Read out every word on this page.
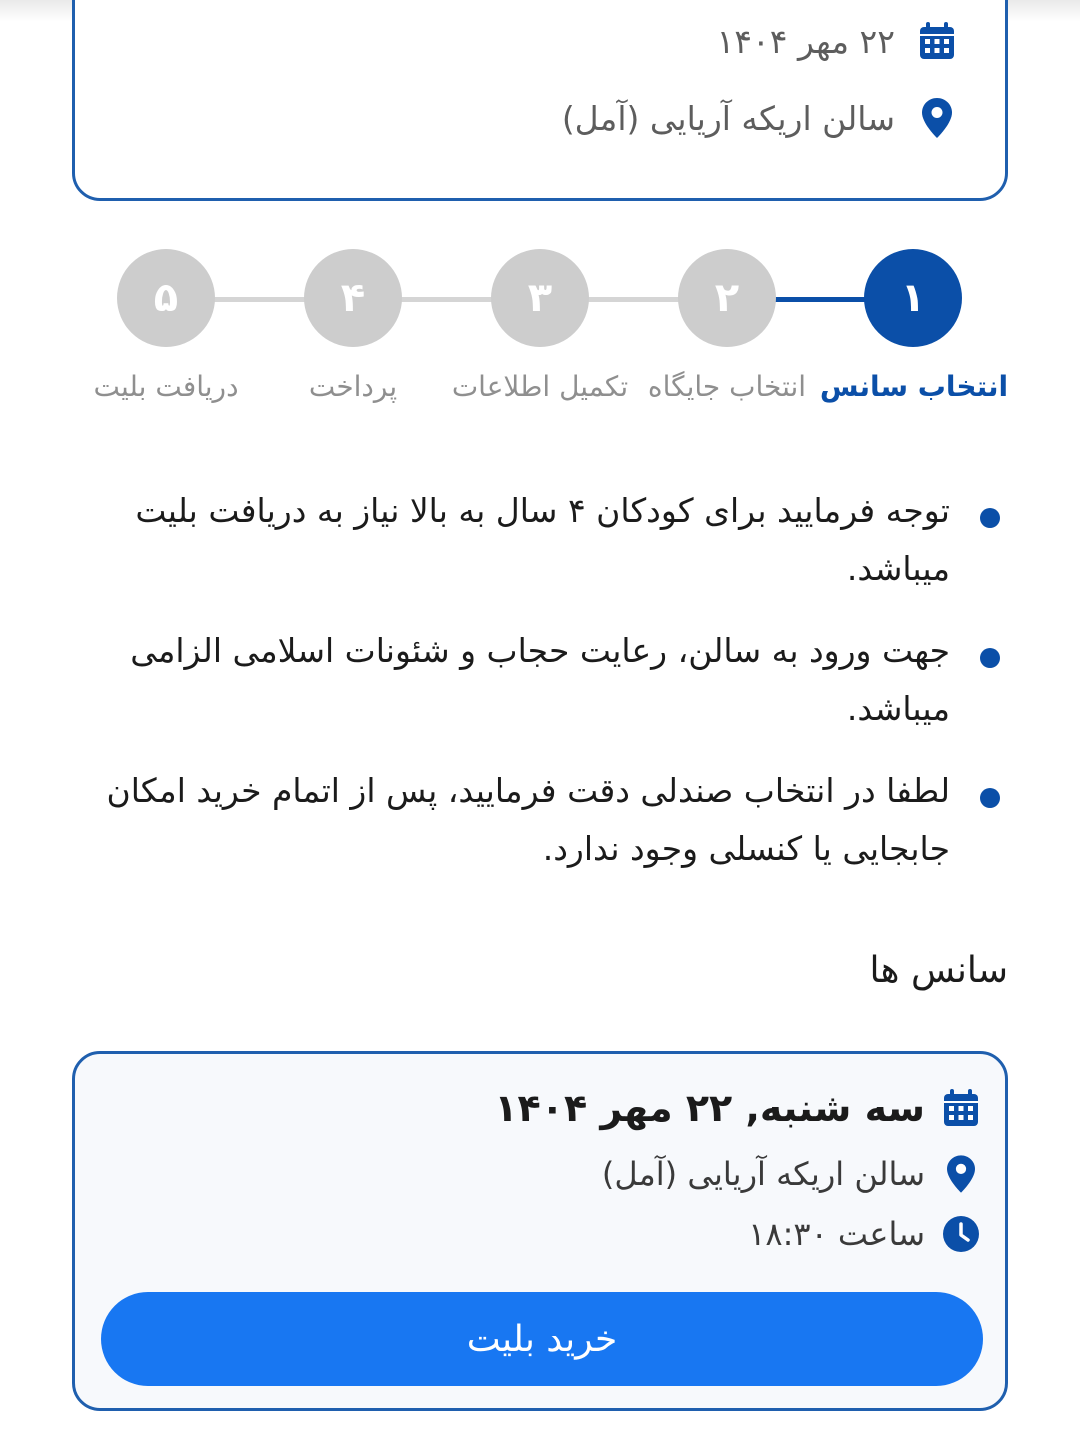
۲۲ مهر ۱۴۰۴
سالن اریکه آریایی (آمل)
۱
۲
۳
۴
۵
انتخاب سانس
انتخاب جایگاه
تکمیل اطلاعات
پرداخت
دریافت بلیت
توجه فرمایید برای کودکان ۴ سال به بالا نیاز به دریافت بلیت میباشد.
جهت ورود به سالن، رعایت حجاب و شئونات اسلامی الزامی میباشد.
لطفا در انتخاب صندلی دقت فرمایید، پس از اتمام خرید امکان جابجایی یا کنسلی وجود ندارد.
سانس ها
سه شنبه, ۲۲ مهر ۱۴۰۴
سالن اریکه آریایی (آمل)
ساعت ۱۸:۳۰
خرید بلیت
